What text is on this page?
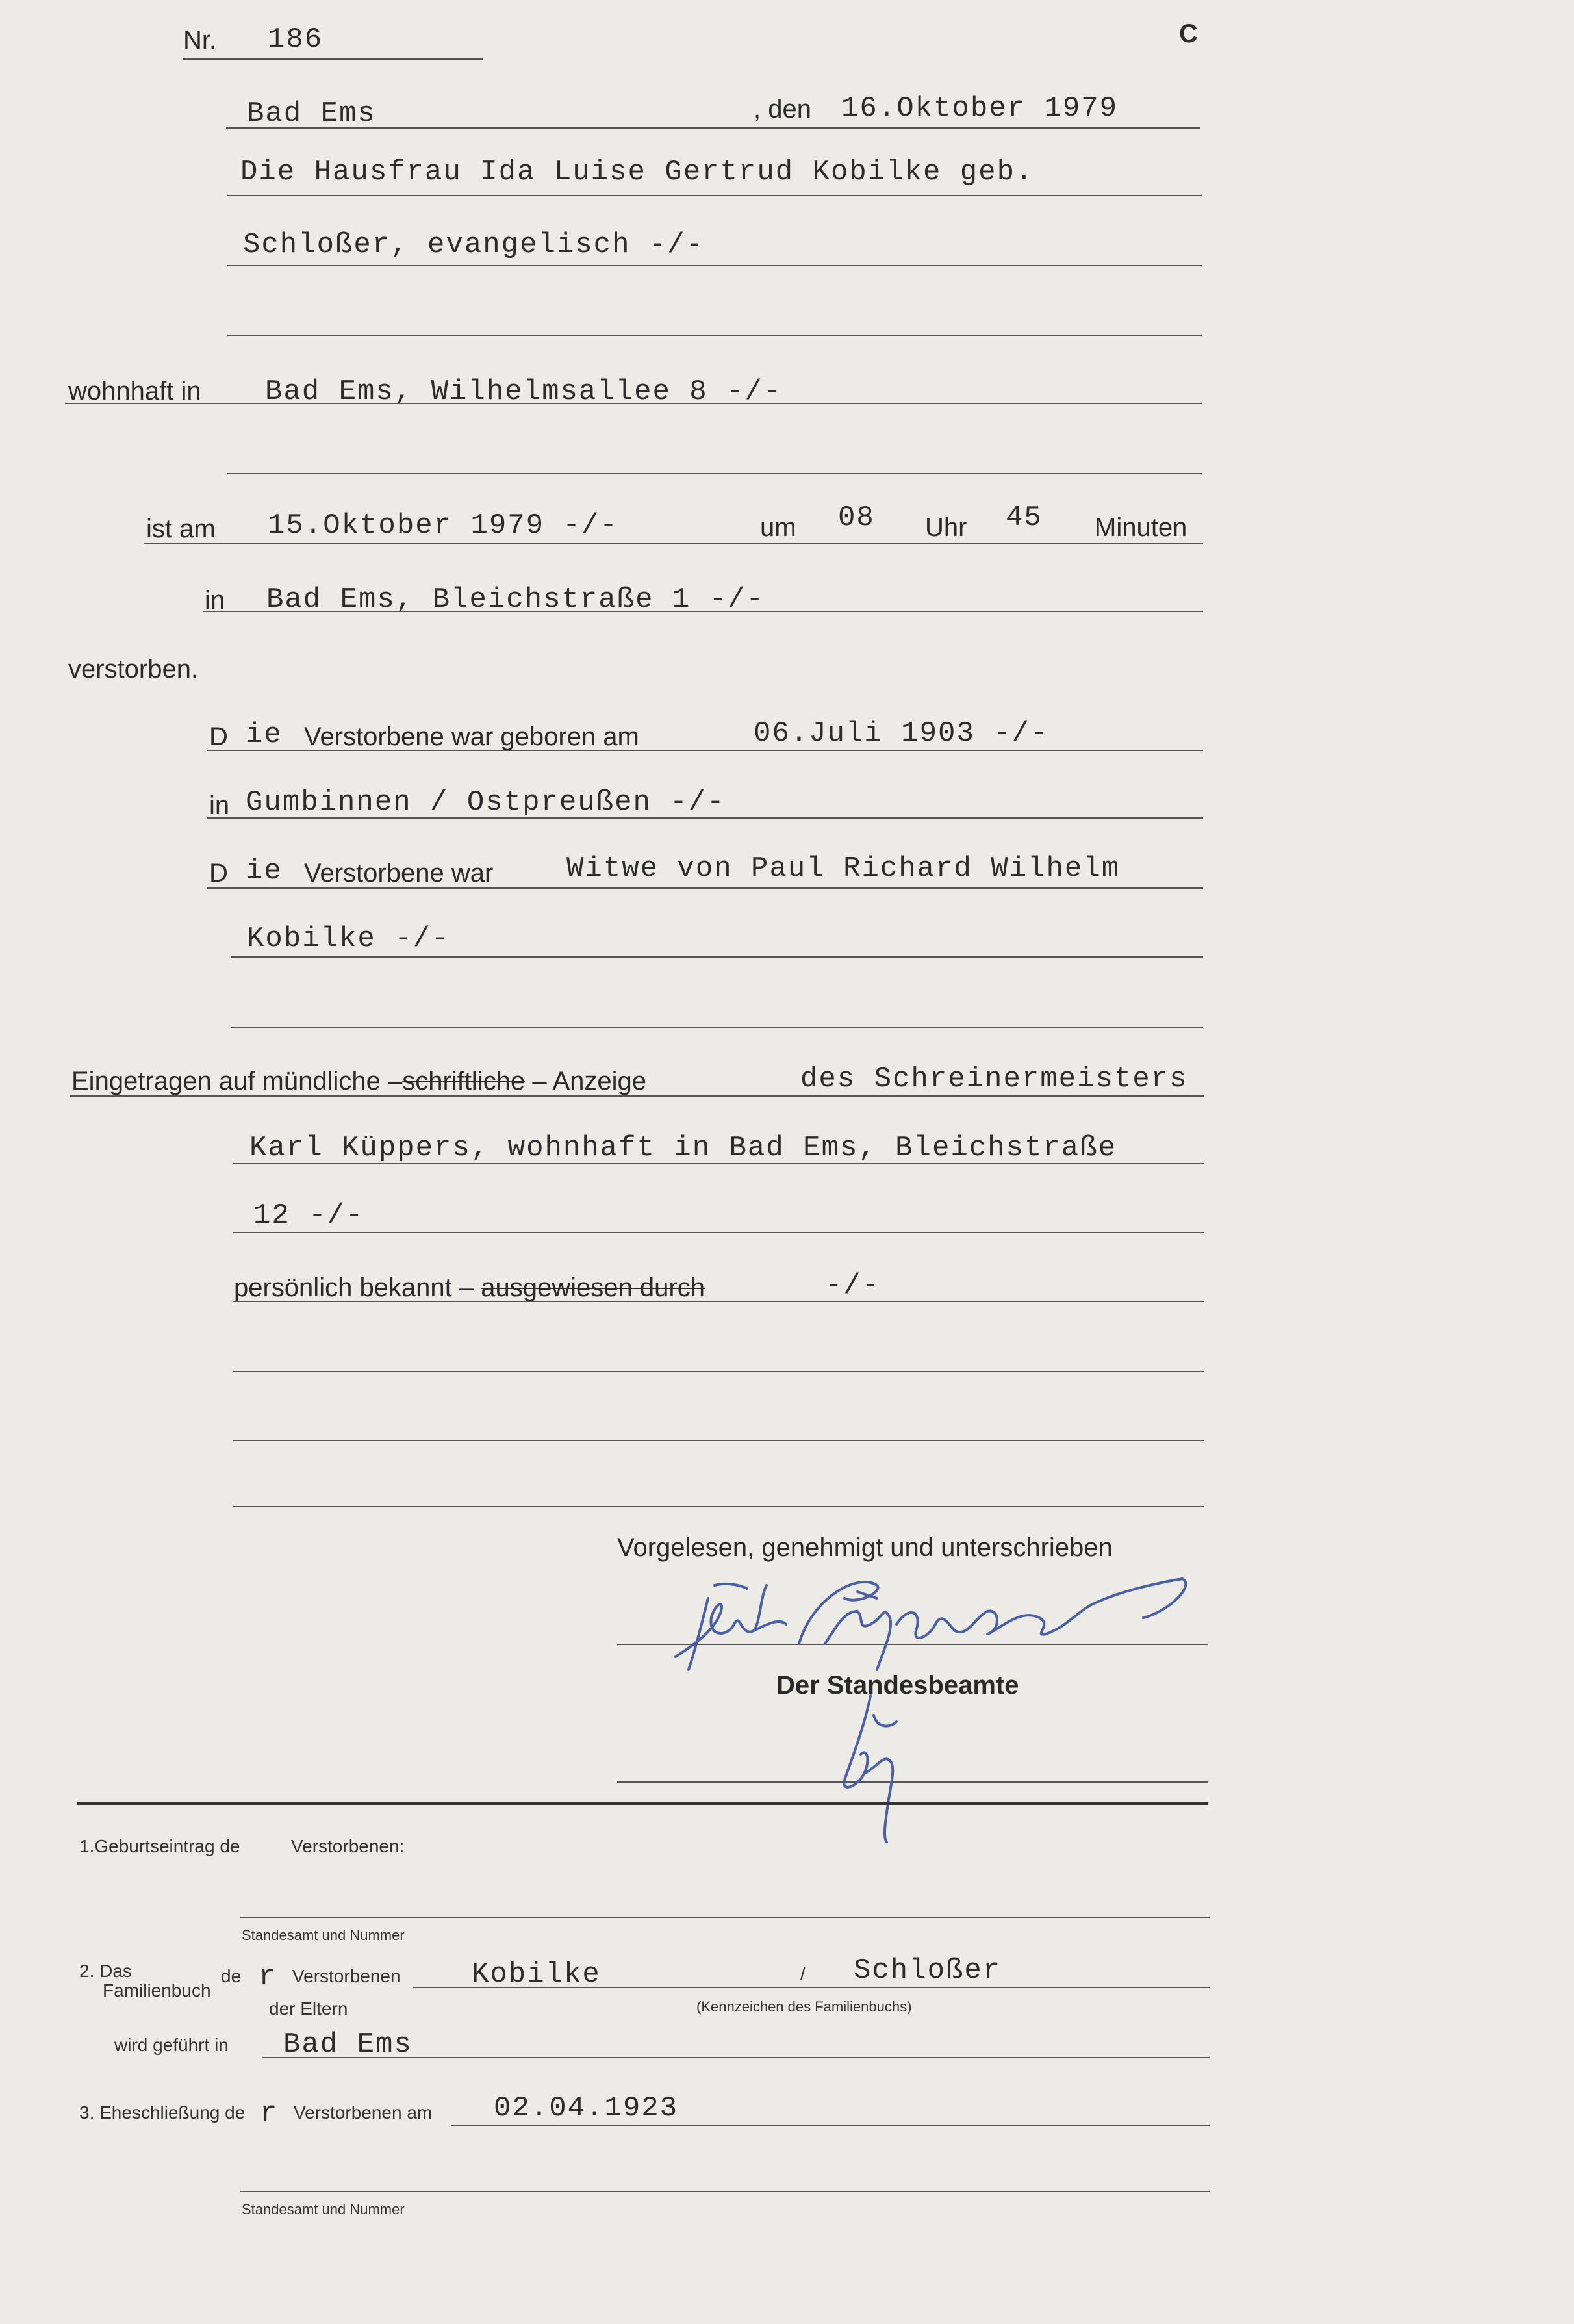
Nr. 186	C
Bad Ems	, den 16.Oktober 1979
Die Hausfrau Ida Luise Gertrud Kobilke geb.
Schloßer, evangelisch -/-
wohnhaft in Bad Ems, Wilhelmsallee 8 -/-
ist am 15.Oktober 1979 -/-	um 08 Uhr 45 Minuten
in Bad Ems, Bleichstraße 1 -/-
verstorben.
D ie Verstorbene war geboren am	06.Juli 1903 -/-
in Gumbinnen / Ostpreußen -/-
D ie Verstorbene war	Witwe von Paul Richard Wilhelm
Kobilke -/-
Eingetragen auf mündliche –schriftliche – Anzeige	des Schreinermeisters
Karl Küppers, wohnhaft in Bad Ems, Bleichstraße
12 -/-
persönlich bekannt – ausgewiesen durch	-/-
Vorgelesen, genehmigt und unterschrieben
Der Standesbeamte
1.Geburtseintrag de	Verstorbenen:
Standesamt und Nummer
2. Das
Familienbuch
de r Verstorbenen
der Eltern
Kobilke	/ Schloßer
(Kennzeichen des Familienbuchs)
wird geführt in Bad Ems
3. Eheschließung de r Verstorbenen am 02.04.1923
Standesamt und Nummer
